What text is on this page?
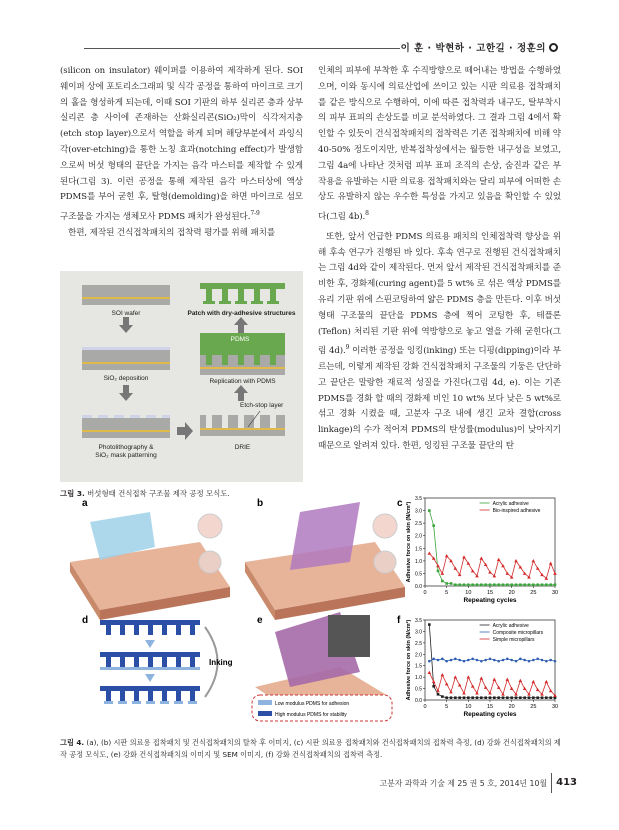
이 훈 · 박현하 · 고한길 · 정훈의

(silicon on insulator) 웨이퍼를 이용하여 제작하게 된다. SOI 웨이퍼 상에 포토리소그래피 및 식각 공정을 통하여 마이크로 크기의 홀을 형성하게 되는데, 이때 SOI 기판의 하부 실리콘 층과 상부 실리콘 층 사이에 존재하는 산화실리콘(SiO₂)막이 식각저지층(etch stop layer)으로서 역할을 하게 되며 해당부분에서 과잉식각(over-etching)을 통한 노칭 효과(notching effect)가 발생함으로써 버섯 형태의 끝단을 가지는 음각 마스터를 제작할 수 있게 된다(그림 3). 이런 공정을 통해 제작된 음각 마스터상에 액상 PDMS를 부어 굳힌 후, 탈형(demolding)을 하면 마이크로 섬모구조물을 가지는 생체모사 PDMS 패치가 완성된다.$^{7-9}$

한편, 제작된 건식접착패치의 접착력 평가를 위해 패치를

인체의 피부에 부착한 후 수직방향으로 떼어내는 방법을 수행하였으며, 이와 동시에 의료산업에 쓰이고 있는 시판 의료용 접착패치를 같은 방식으로 수행하여, 이에 따른 접착력과 내구도, 탈부착시의 피부 표피의 손상도를 비교 분석하였다. 그 결과 그림 4에서 확인할 수 있듯이 건식접착패치의 접착력은 기존 접착패치에 비해 약 40-50% 정도이지만, 반복접착성에서는 월등한 내구성을 보였고, 그림 4a에 나타난 것처럼 피부 표피 조직의 손상, 숨진과 같은 부작용을 유발하는 시판 의료용 접착패치와는 달리 피부에 어떠한 손상도 유발하지 않는 우수한 특성을 가지고 있음을 확인할 수 있었다(그림 4b).$^8$

또한, 앞서 언급한 PDMS 의료용 패치의 인체접착력 향상을 위해 후속 연구가 진행된 바 있다. 후속 연구로 진행된 건식접착패치는 그림 4d와 같이 제작된다. 먼저 앞서 제작된 건식접착패치를 준비한 후, 경화제(curing agent)를 5 wt% 로 섞은 액상 PDMS를 유리 기판 위에 스핀코팅하여 얇은 PDMS 층을 만든다. 이후 버섯형태 구조물의 끝단을 PDMS 층에 찍어 코팅한 후, 테플론(Teflon) 처리된 기판 위에 역방향으로 놓고 열을 가해 굳힌다(그림 4d).$^9$ 이러한 공정을 잉킹(inking) 또는 디핑(dipping)이라 부르는데, 이렇게 제작된 강화 건식접착패치 구조물의 기둥은 단단하고 끝단은 말랑한 재료적 성질을 가진다(그림 4d, e). 이는 기존 PDMS를 경화 할 때의 경화제 비인 10 wt% 보다 낮은 5 wt%로 섞고 경화 시켰을 때, 고분자 구조 내에 생긴 교차 결합(cross linkage)의 수가 적어져 PDMS의 탄성률(modulus)이 낮아지기 때문으로 알려져 있다. 한편, 잉킹된 구조물 끝단의 탄

SOI wafer	Patch with dry-adhesive structures
PDMS
SiO₂ deposition	Replication with PDMS
Etch-stop layer
Photolithography &
SiO₂ mask patterning
DRIE
그림 3. 버섯형태 건식접착 구조물 제작 공정 모식도.
a	b	c
0	5	10	15	20	25	30
0.0
0.5
1.0
1.5
2.0
2.5
3.0
3.5
Repeating cycles
Adhesive force on skin (N/cm²)	Acrylic adhesive
Bio-inspired adhesive
d
Inking
e
Low modulus PDMS for adhesion
High modulus PDMS for stability
f
0	5	10	15	20	25	30
0.0
0.5
1.0
1.5
2.0
2.5
3.0
3.5
Repeating cycles
Adhesive force on skin (N/cm²)	Acrylic adhesive
Composite micropillars
Simple micropillars
그림 4. (a), (b) 시판 의료용 접착패치 및 건식접착패치의 탈착 후 이미지, (c) 시판 의료용 접착패치와 건식접착패치의 접착력 측정, (d) 강화 건식접착패치의 제작 공정 모식도, (e) 강화 건식접착패치의 이미지 및 SEM 이미지, (f) 강화 건식접착패치의 접착력 측정.
고분자 과학과 기술 제 25 권 5 호, 2014년 10월 413
